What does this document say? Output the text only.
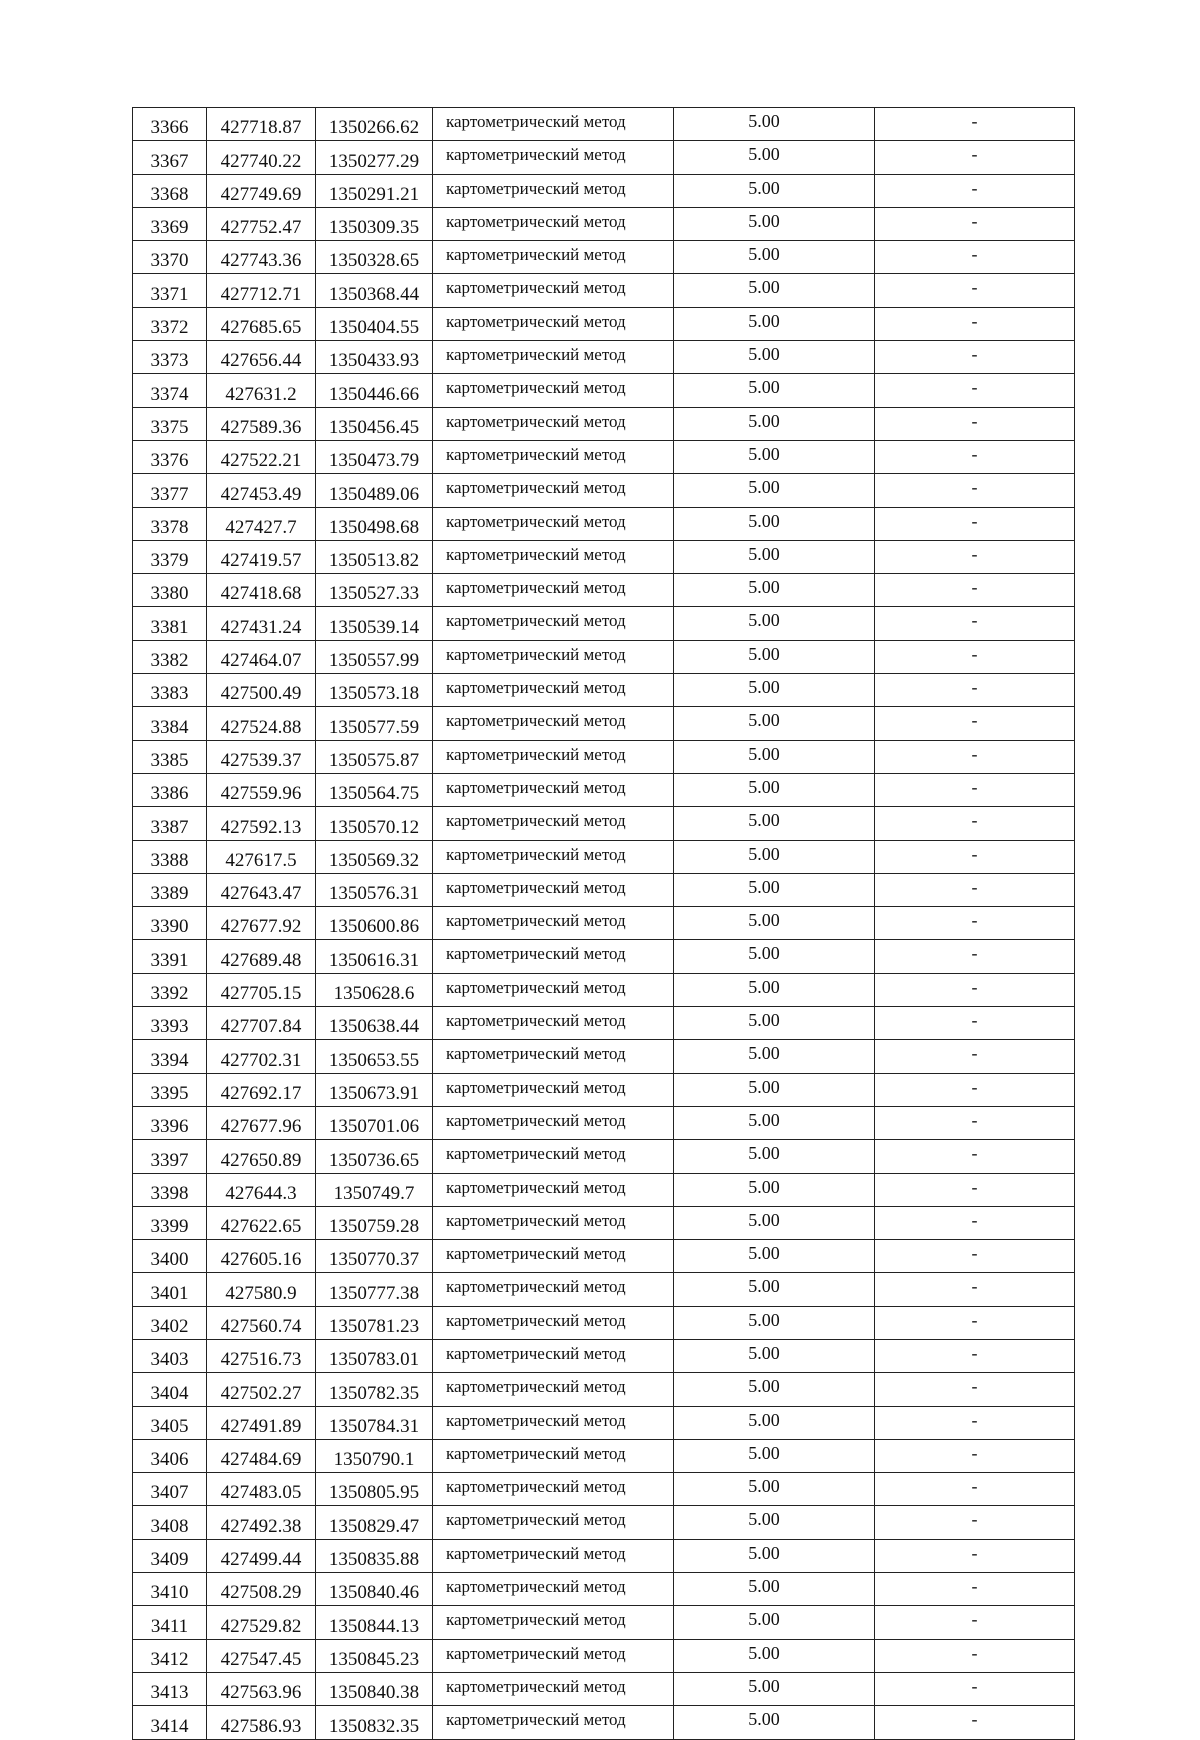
3366	427718.87	1350266.62	картометрический метод	5.00	-
3367	427740.22	1350277.29	картометрический метод	5.00	-
3368	427749.69	1350291.21	картометрический метод	5.00	-
3369	427752.47	1350309.35	картометрический метод	5.00	-
3370	427743.36	1350328.65	картометрический метод	5.00	-
3371	427712.71	1350368.44	картометрический метод	5.00	-
3372	427685.65	1350404.55	картометрический метод	5.00	-
3373	427656.44	1350433.93	картометрический метод	5.00	-
3374	427631.2	1350446.66	картометрический метод	5.00	-
3375	427589.36	1350456.45	картометрический метод	5.00	-
3376	427522.21	1350473.79	картометрический метод	5.00	-
3377	427453.49	1350489.06	картометрический метод	5.00	-
3378	427427.7	1350498.68	картометрический метод	5.00	-
3379	427419.57	1350513.82	картометрический метод	5.00	-
3380	427418.68	1350527.33	картометрический метод	5.00	-
3381	427431.24	1350539.14	картометрический метод	5.00	-
3382	427464.07	1350557.99	картометрический метод	5.00	-
3383	427500.49	1350573.18	картометрический метод	5.00	-
3384	427524.88	1350577.59	картометрический метод	5.00	-
3385	427539.37	1350575.87	картометрический метод	5.00	-
3386	427559.96	1350564.75	картометрический метод	5.00	-
3387	427592.13	1350570.12	картометрический метод	5.00	-
3388	427617.5	1350569.32	картометрический метод	5.00	-
3389	427643.47	1350576.31	картометрический метод	5.00	-
3390	427677.92	1350600.86	картометрический метод	5.00	-
3391	427689.48	1350616.31	картометрический метод	5.00	-
3392	427705.15	1350628.6	картометрический метод	5.00	-
3393	427707.84	1350638.44	картометрический метод	5.00	-
3394	427702.31	1350653.55	картометрический метод	5.00	-
3395	427692.17	1350673.91	картометрический метод	5.00	-
3396	427677.96	1350701.06	картометрический метод	5.00	-
3397	427650.89	1350736.65	картометрический метод	5.00	-
3398	427644.3	1350749.7	картометрический метод	5.00	-
3399	427622.65	1350759.28	картометрический метод	5.00	-
3400	427605.16	1350770.37	картометрический метод	5.00	-
3401	427580.9	1350777.38	картометрический метод	5.00	-
3402	427560.74	1350781.23	картометрический метод	5.00	-
3403	427516.73	1350783.01	картометрический метод	5.00	-
3404	427502.27	1350782.35	картометрический метод	5.00	-
3405	427491.89	1350784.31	картометрический метод	5.00	-
3406	427484.69	1350790.1	картометрический метод	5.00	-
3407	427483.05	1350805.95	картометрический метод	5.00	-
3408	427492.38	1350829.47	картометрический метод	5.00	-
3409	427499.44	1350835.88	картометрический метод	5.00	-
3410	427508.29	1350840.46	картометрический метод	5.00	-
3411	427529.82	1350844.13	картометрический метод	5.00	-
3412	427547.45	1350845.23	картометрический метод	5.00	-
3413	427563.96	1350840.38	картометрический метод	5.00	-
3414	427586.93	1350832.35	картометрический метод	5.00	-
